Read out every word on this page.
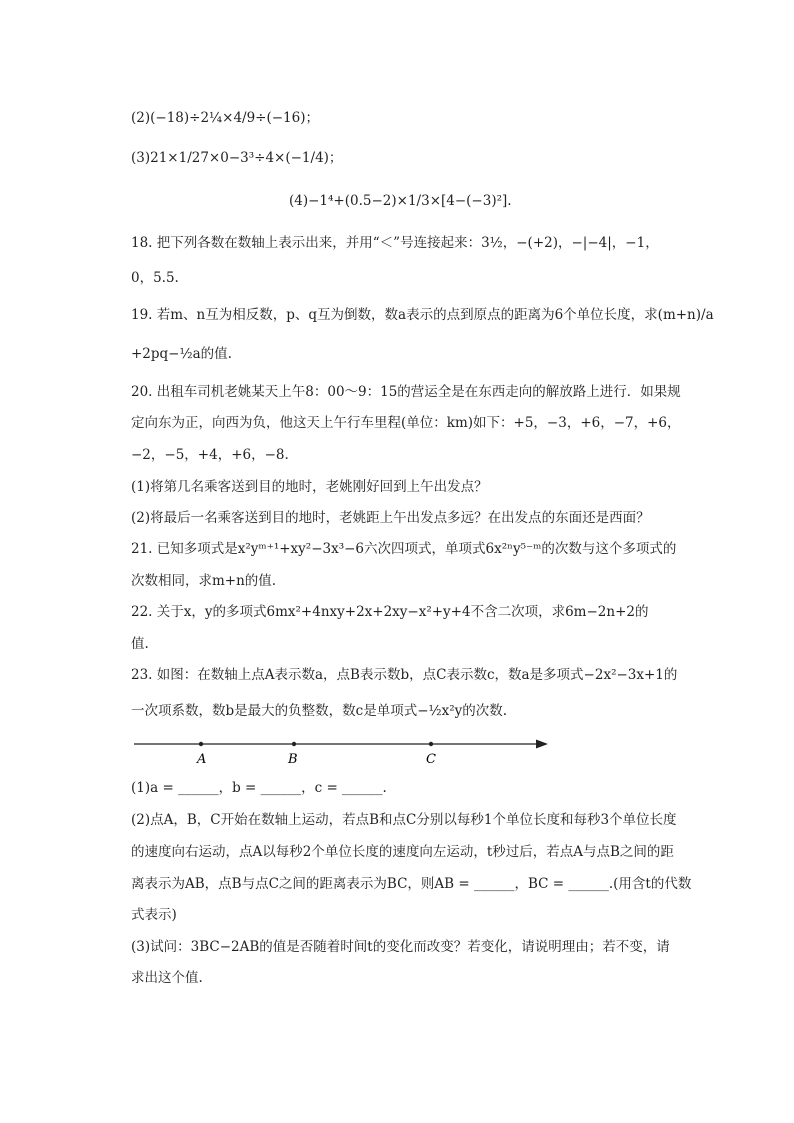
(2)(−18)÷2¼×4/9÷(−16)；
(3)21×1/27×0−3³÷4×(−1/4)；
(4)−1⁴+(0.5−2)×1/3×[4−(−3)²].
18. 把下列各数在数轴上表示出来，并用“＜”号连接起来：3½，−(+2)，−|−4|，−1，
0，5.5.
19. 若m、n互为相反数，p、q互为倒数，数a表示的点到原点的距离为6个单位长度，求(m+n)/a
+2pq−½a的值.
20. 出租车司机老姚某天上午8：00～9：15的营运全是在东西走向的解放路上进行．如果规
定向东为正，向西为负，他这天上午行车里程(单位：km)如下：+5，−3，+6，−7，+6，
−2，−5，+4，+6，−8.
(1)将第几名乘客送到目的地时，老姚刚好回到上午出发点？
(2)将最后一名乘客送到目的地时，老姚距上午出发点多远？在出发点的东面还是西面？
21. 已知多项式是x²yᵐ⁺¹+xy²−3x³−6六次四项式，单项式6x²ⁿy⁵⁻ᵐ的次数与这个多项式的
次数相同，求m+n的值.
22. 关于x，y的多项式6mx²+4nxy+2x+2xy−x²+y+4不含二次项，求6m−2n+2的
值.
23. 如图：在数轴上点A表示数a，点B表示数b，点C表示数c，数a是多项式−2x²−3x+1的
一次项系数，数b是最大的负整数，数c是单项式−½x²y的次数.
A	B	C
(1)a = ______，b = ______，c = ______.
(2)点A，B，C开始在数轴上运动，若点B和点C分别以每秒1个单位长度和每秒3个单位长度
的速度向右运动，点A以每秒2个单位长度的速度向左运动，t秒过后，若点A与点B之间的距
离表示为AB，点B与点C之间的距离表示为BC，则AB = ______，BC = ______.(用含t的代数
式表示)
(3)试问：3BC−2AB的值是否随着时间t的变化而改变？若变化，请说明理由；若不变，请
求出这个值.
